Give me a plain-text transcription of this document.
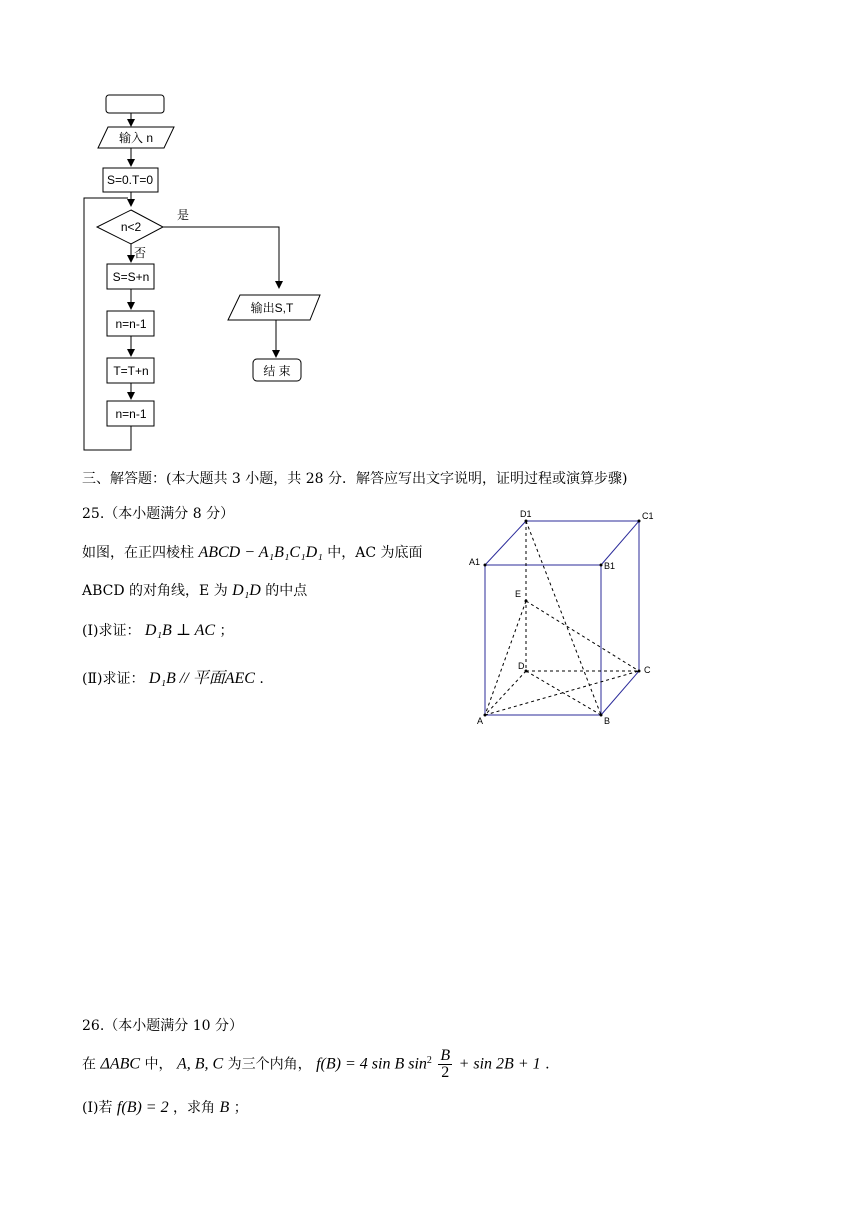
输入 n
S=0.T=0
n<2
是
否
S=S+n
n=n-1
T=T+n
n=n-1
输出S,T
结 束
三、解答题：(本大题共 3 小题，共 28 分．解答应写出文字说明，证明过程或演算步骤)
25.（本小题满分 8 分）
如图，在正四棱柱 ABCD − A₁B₁C₁D₁ 中，AC 为底面
ABCD 的对角线，E 为 D₁D 的中点
(Ⅰ)求证： D₁B ⊥ AC ；
(Ⅱ)求证： D₁B // 平面AEC .
D1	C1
A1	B1
E
D	C
A	B
26.（本小题满分 10 分）
在 ΔABC 中， A, B, C 为三个内角， f(B) = 4 sin B $\sin^2 \frac{B}{2} + \sin 2B + 1$ .
(Ⅰ)若 f(B) = 2 ，求角 B ；
